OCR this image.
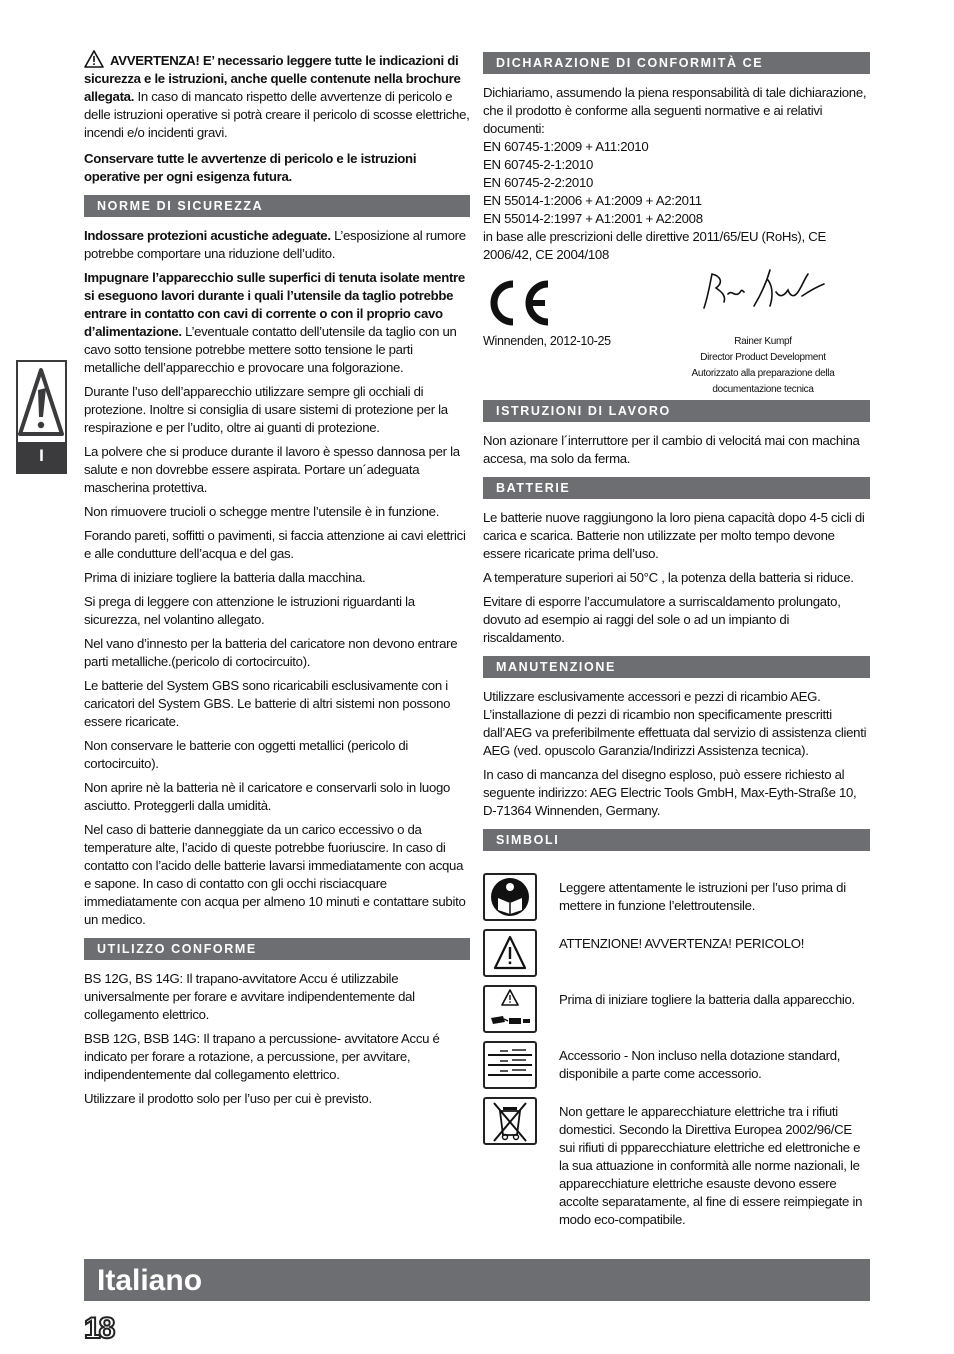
I

AVVERTENZA! E’ necessario leggere tutte le indicazioni di sicurezza e le istruzioni, anche quelle contenute nella brochure allegata. In caso di mancato rispetto delle avvertenze di pericolo e delle istruzioni operative si potrà creare il pericolo di scosse elettriche, incendi e/o incidenti gravi.

Conservare tutte le avvertenze di pericolo e le istruzioni operative per ogni esigenza futura.

NORME DI SICUREZZA

Indossare protezioni acustiche adeguate. L’esposizione al rumore potrebbe comportare una riduzione dell’udito.

Impugnare l’apparecchio sulle superfici di tenuta isolate mentre si eseguono lavori durante i quali l’utensile da taglio potrebbe entrare in contatto con cavi di corrente o con il proprio cavo d’alimentazione. L’eventuale contatto dell’utensile da taglio con un cavo sotto tensione potrebbe mettere sotto tensione le parti metalliche dell’apparecchio e provocare una folgorazione.

Durante l’uso dell’apparecchio utilizzare sempre gli occhiali di protezione. Inoltre si consiglia di usare sistemi di protezione per la respirazione e per l’udito, oltre ai guanti di protezione.

La polvere che si produce durante il lavoro è spesso dannosa per la salute e non dovrebbe essere aspirata. Portare un´adeguata mascherina protettiva.

Non rimuovere trucioli o schegge mentre l’utensile è in funzione.

Forando pareti, soffitti o pavimenti, si faccia attenzione ai cavi elettrici e alle condutture dell’acqua e del gas.

Prima di iniziare togliere la batteria dalla macchina.

Si prega di leggere con attenzione le istruzioni riguardanti la sicurezza, nel volantino allegato.

Nel vano d’innesto per la batteria del caricatore non devono entrare parti metalliche.(pericolo di cortocircuito).

Le batterie del System GBS sono ricaricabili esclusivamente con i caricatori del System GBS. Le batterie di altri sistemi non possono essere ricaricate.

Non conservare le batterie con oggetti metallici (pericolo di cortocircuito).

Non aprire nè la batteria nè il caricatore e conservarli solo in luogo asciutto. Proteggerli dalla umidità.

Nel caso di batterie danneggiate da un carico eccessivo o da temperature alte, l’acido di queste potrebbe fuoriuscire. In caso di contatto con l’acido delle batterie lavarsi immediatamente con acqua e sapone. In caso di contatto con gli occhi risciacquare immediatamente con acqua per almeno 10 minuti e contattare subito un medico.

UTILIZZO CONFORME

BS 12G, BS 14G: Il trapano-avvitatore Accu é utilizzabile universalmente per forare e avvitare indipendentemente dal collegamento elettrico.

BSB 12G, BSB 14G: Il trapano a percussione- avvitatore Accu é indicato per forare a rotazione, a percussione, per avvitare, indipendentemente dal collegamento elettrico.

Utilizzare il prodotto solo per l’uso per cui è previsto.

DICHARAZIONE DI CONFORMITÀ CE
Dichiariamo, assumendo la piena responsabilità di tale dichiarazione, che il prodotto è conforme alla seguenti normative e ai relativi documenti:
EN 60745-1:2009 + A11:2010
EN 60745-2-1:2010
EN 60745-2-2:2010
EN 55014-1:2006 + A1:2009 + A2:2011
EN 55014-2:1997 + A1:2001 + A2:2008
in base alle prescrizioni delle direttive 2011/65/EU (RoHs), CE 2006/42, CE 2004/108
Winnenden, 2012-10-25	Rainer Kumpf
Director Product Development
Autorizzato alla preparazione della documentazione tecnica
ISTRUZIONI DI LAVORO

Non azionare l´interruttore per il cambio di velocitá mai con machina accesa, ma solo da ferma.

BATTERIE

Le batterie nuove raggiungono la loro piena capacità dopo 4-5 cicli di carica e scarica. Batterie non utilizzate per molto tempo devone essere ricaricate prima dell’uso.

A temperature superiori ai 50°C , la potenza della batteria si riduce.

Evitare di esporre l’accumulatore a surriscaldamento prolungato, dovuto ad esempio ai raggi del sole o ad un impianto di riscaldamento.

MANUTENZIONE

Utilizzare esclusivamente accessori e pezzi di ricambio AEG. L’installazione di pezzi di ricambio non specificamente prescritti dall’AEG va preferibilmente effettuata dal servizio di assistenza clienti AEG (ved. opuscolo Garanzia/Indirizzi Assistenza tecnica).

In caso di mancanza del disegno esploso, può essere richiesto al seguente indirizzo: AEG Electric Tools GmbH, Max-Eyth-Straße 10, D-71364 Winnenden, Germany.

SIMBOLI
Leggere attentamente le istruzioni per l’uso prima di mettere in funzione l’elettroutensile.
ATTENZIONE! AVVERTENZA! PERICOLO!
Prima di iniziare togliere la batteria dalla apparecchio.
Accessorio - Non incluso nella dotazione standard, disponibile a parte come accessorio.
Non gettare le apparecchiature elettriche tra i rifiuti domestici. Secondo la Direttiva Europea 2002/96/CE sui rifiuti di ppparecchiature elettriche ed elettroniche e la sua attuazione in conformità alle norme nazionali, le apparecchiature elettriche esauste devono essere accolte separatamente, al fine di essere reimpiegate in modo eco-compatibile.
Italiano
18
